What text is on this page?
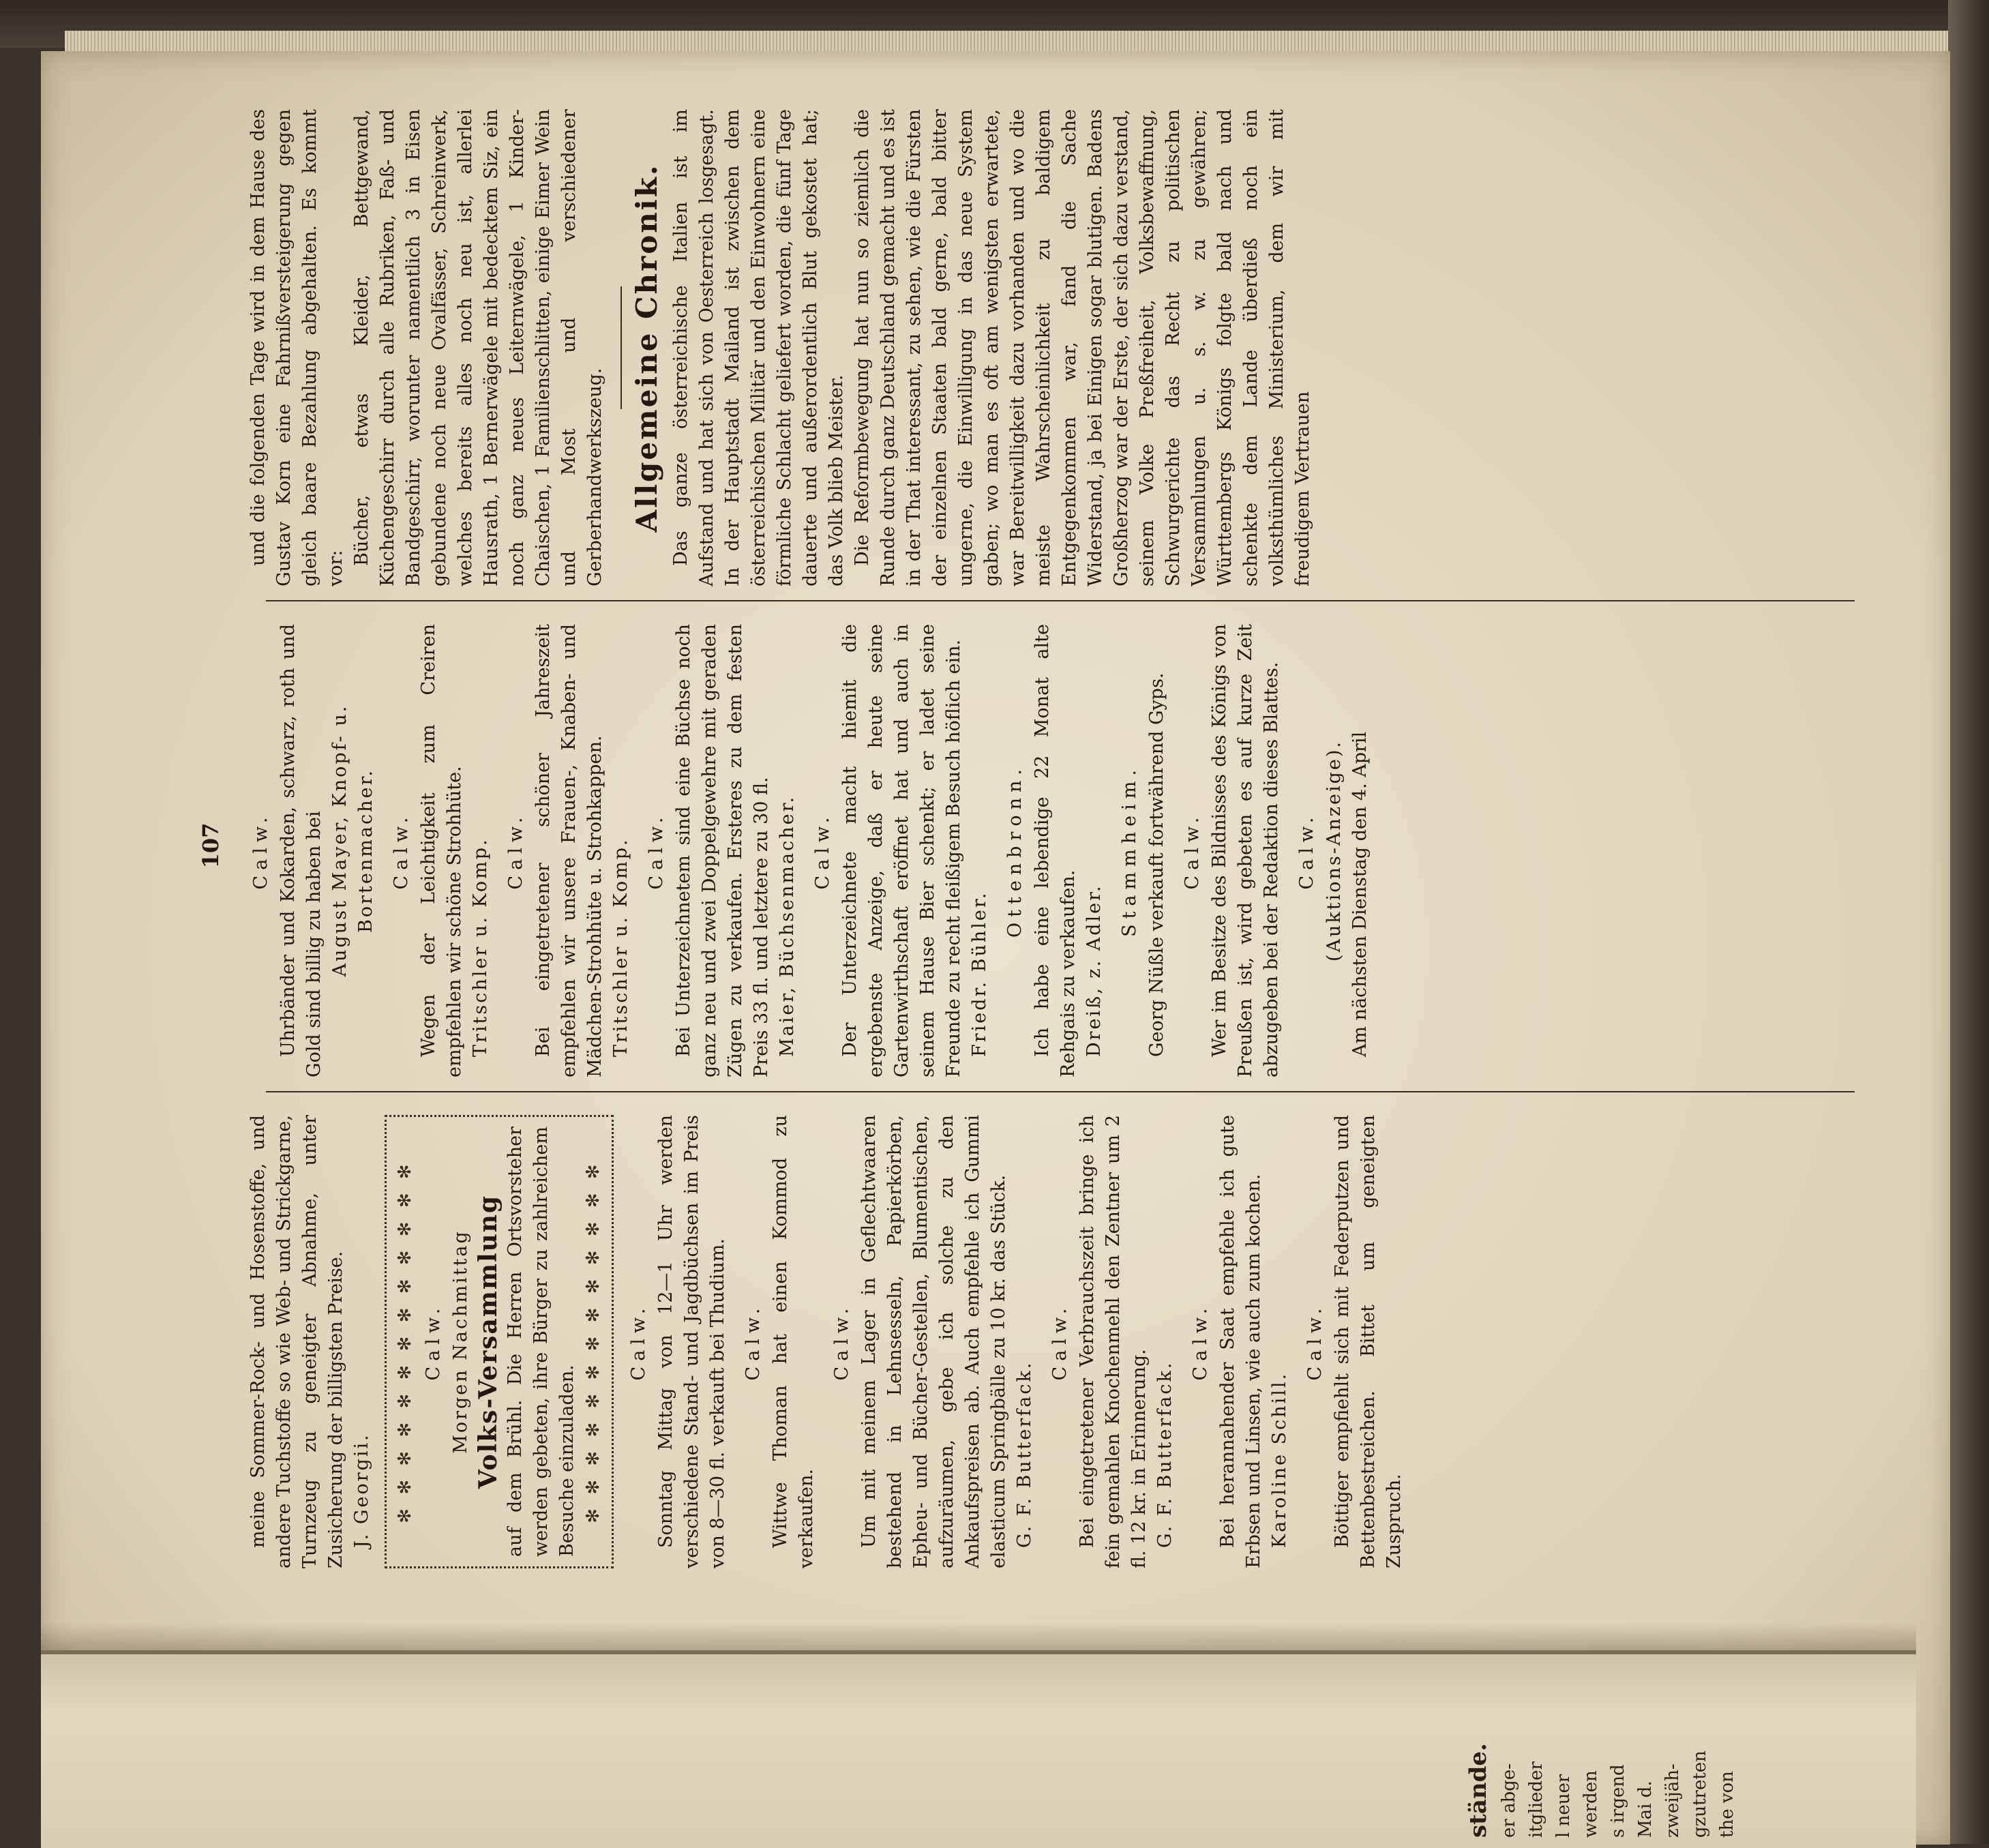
107

meine Sommer-Rock- und Hosenstoffe, und andere Tuchstoffe so wie Web- und Strickgarne, Turnzeug zu geneigter Abnahme, unter Zusicherung der billigsten Preise. J. Georgii.

✻ ✻ ✻ ✻ ✻ ✻ ✻ ✻ ✻ ✻ ✻ ✻ ✻ Calw. Morgen Nachmittag Volks-Versammlung auf dem Brühl. Die Herren Ortsvorsteher werden gebeten, ihre Bürger zu zahlreichem Besuche einzuladen.

✻ ✻ ✻ ✻ ✻ ✻ ✻ ✻ ✻ ✻ ✻ ✻ ✻
Calw. Sonntag Mittag von 12—1 Uhr werden verschiedene Stand- und Jagdbüchsen im Preis von 8—30 fl. verkauft bei Thudium. Calw. Wittwe Thoman hat einen Kommod zu verkaufen.

Calw. Um mit meinem Lager in Geflechtwaaren bestehend in Lehnsesseln, Papierkörben, Epheu- und Bücher-Gestellen, Blumentischen, aufzuräumen, gebe ich solche zu den Ankaufspreisen ab. Auch empfehle ich Gummi elasticum Springbälle zu 10 kr. das Stück. G. F. Butterfack.

Calw. Bei eingetretener Verbrauchszeit bringe ich fein gemahlen Knochenmehl den Zentner um 2 fl. 12 kr. in Erinnerung. G. F. Butterfack.

Calw. Bei herannahender Saat empfehle ich gute Erbsen und Linsen, wie auch zum kochen. Karoline Schill.

Calw. Böttiger empfiehlt sich mit Federputzen und Bettenbestreichen. Bittet um geneigten Zuspruch.

Calw. Uhrbänder und Kokarden, schwarz, roth und Gold sind billig zu haben bei August Mayer, Knopf- u. Bortenmacher. Calw. Wegen der Leichtigkeit zum Creiren empfehlen wir schöne Strohhüte. Tritschler u. Komp. Calw. Bei eingetretener schöner Jahreszeit empfehlen wir unsere Frauen-, Knaben- und Mädchen-Strohhüte u. Strohkappen. Tritschler u. Komp. Calw. Bei Unterzeichnetem sind eine Büchse noch ganz neu und zwei Doppelgewehre mit geraden Zügen zu verkaufen. Ersteres zu dem festen Preis 33 fl. und letztere zu 30 fl. Maier, Büchsenmacher. Calw. Der Unterzeichnete macht hiemit die ergebenste Anzeige, daß er heute seine Gartenwirthschaft eröffnet hat und auch in seinem Hause Bier schenkt; er ladet seine Freunde zu recht fleißigem Besuch höflich ein. Friedr. Bühler.

Ottenbronn. Ich habe eine lebendige 22 Monat alte Rehgais zu verkaufen. Dreiß, z. Adler.

Stammheim. Georg Nüßle verkauft fortwährend Gyps. Calw. Wer im Besitze des Bildnisses des Königs von Preußen ist, wird gebeten es auf kurze Zeit abzugeben bei der Redaktion dieses Blattes. Calw. (Auktions-Anzeige). Am nächsten Dienstag den 4. April

und die folgenden Tage wird in dem Hause des Gustav Korn eine Fahrnißversteigerung gegen gleich baare Bezahlung abgehalten. Es kommt vor:

Bücher, etwas Kleider, Bettgewand, Küchengeschirr durch alle Rubriken, Faß- und Bandgeschirr, worunter namentlich 3 in Eisen gebundene noch neue Ovalfässer, Schreinwerk, welches bereits alles noch neu ist, allerlei Hausrath, 1 Bernerwägele mit bedecktem Siz, ein noch ganz neues Leiternwägele, 1 Kinder-Chaischen, 1 Familienschlitten, einige Eimer Wein und Most und verschiedener Gerberhandwerkszeug. Allgemeine Chronik. Das ganze österreichische Italien ist im Aufstand und hat sich von Oesterreich losgesagt. In der Hauptstadt Mailand ist zwischen dem österreichischen Militär und den Einwohnern eine förmliche Schlacht geliefert worden, die fünf Tage dauerte und außerordentlich Blut gekostet hat; das Volk blieb Meister. Die Reformbewegung hat nun so ziemlich die Runde durch ganz Deutschland gemacht und es ist in der That interessant, zu sehen, wie die Fürsten der einzelnen Staaten bald gerne, bald bitter ungerne, die Einwilligung in das neue System gaben; wo man es oft am wenigsten erwartete, war Bereitwilligkeit dazu vorhanden und wo die meiste Wahrscheinlichkeit zu baldigem Entgegenkommen war, fand die Sache Widerstand, ja bei Einigen sogar blutigen. Badens Großherzog war der Erste, der sich dazu verstand, seinem Volke Preßfreiheit, Volksbewaffnung, Schwurgerichte das Recht zu politischen Versammlungen u. s. w. zu gewähren; Württembergs Königs folgte bald nach und schenkte dem Lande überdieß noch ein volksthümliches Ministerium, dem wir mit freudigem Vertrauen

er abge- itglieder l neuer werden s irgend Mai d. zweijäh- gzutreten the von
ständе.
